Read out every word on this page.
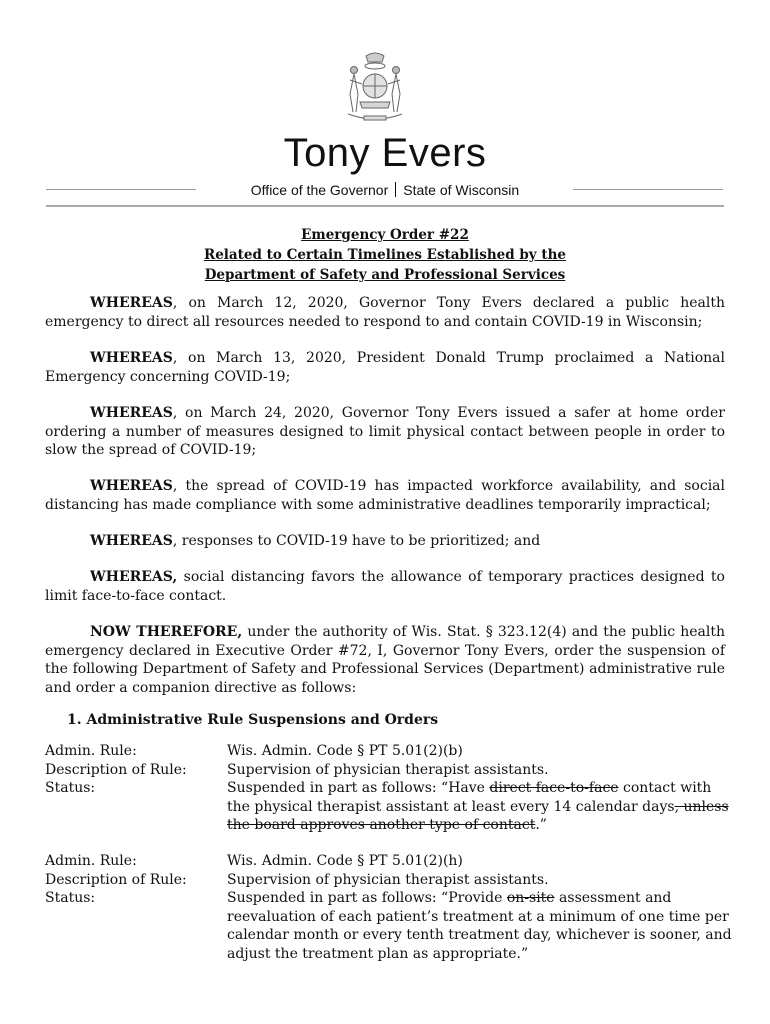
Tony Evers
Office of the Governor State of Wisconsin
Emergency Order #22
Related to Certain Timelines Established by the
Department of Safety and Professional Services
WHEREAS, on March 12, 2020, Governor Tony Evers declared a public health emergency to direct all resources needed to respond to and contain COVID-19 in Wisconsin;
WHEREAS, on March 13, 2020, President Donald Trump proclaimed a National Emergency concerning COVID-19;
WHEREAS, on March 24, 2020, Governor Tony Evers issued a safer at home order ordering a number of measures designed to limit physical contact between people in order to slow the spread of COVID-19;
WHEREAS, the spread of COVID-19 has impacted workforce availability, and social distancing has made compliance with some administrative deadlines temporarily impractical;
WHEREAS, responses to COVID-19 have to be prioritized; and
WHEREAS, social distancing favors the allowance of temporary practices designed to limit face-to-face contact.
NOW THEREFORE, under the authority of Wis. Stat. § 323.12(4) and the public health emergency declared in Executive Order #72, I, Governor Tony Evers, order the suspension of the following Department of Safety and Professional Services (Department) administrative rule and order a companion directive as follows:
1. Administrative Rule Suspensions and Orders
Admin. Rule:	Wis. Admin. Code § PT 5.01(2)(b)
Description of Rule:	Supervision of physician therapist assistants.
Status:	Suspended in part as follows: “Have direct face-to-face contact with the physical therapist assistant at least every 14 calendar days, unless the board approves another type of contact.”
Admin. Rule:	Wis. Admin. Code § PT 5.01(2)(h)
Description of Rule:	Supervision of physician therapist assistants.
Status:	Suspended in part as follows: “Provide on-site assessment and reevaluation of each patient’s treatment at a minimum of one time per calendar month or every tenth treatment day, whichever is sooner, and adjust the treatment plan as appropriate.”
